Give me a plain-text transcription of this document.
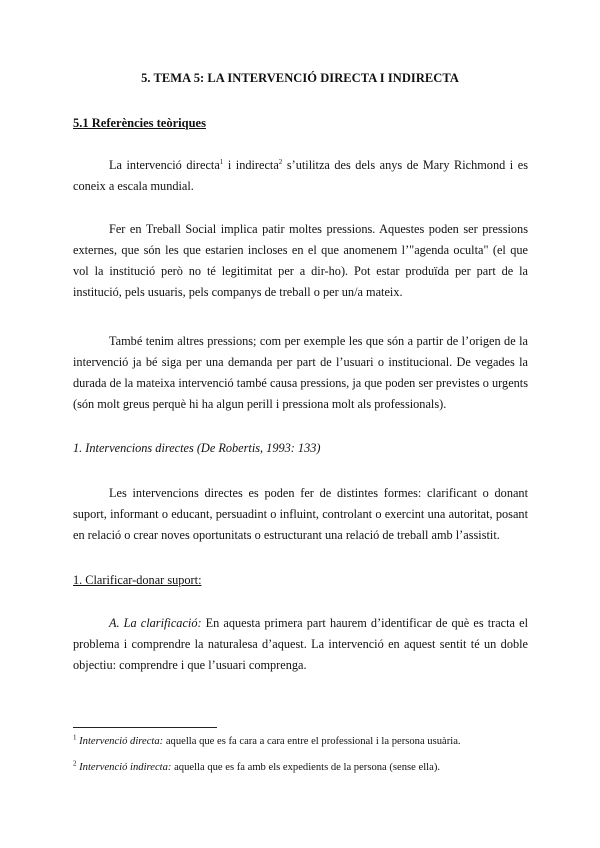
5. TEMA 5: LA INTERVENCIÓ DIRECTA I INDIRECTA
5.1 Referències teòriques

La intervenció directa$^1$ i indirecta$^2$ s’utilitza des dels anys de Mary Richmond i es coneix a escala mundial.

Fer en Treball Social implica patir moltes pressions. Aquestes poden ser pressions externes, que són les que estarien incloses en el que anomenem l’"agenda oculta" (el que vol la institució però no té legitimitat per a dir-ho). Pot estar produïda per part de la institució, pels usuaris, pels companys de treball o per un/a mateix.

També tenim altres pressions; com per exemple les que són a partir de l’origen de la intervenció ja bé siga per una demanda per part de l’usuari o institucional. De vegades la durada de la mateixa intervenció també causa pressions, ja que poden ser previstes o urgents (són molt greus perquè hi ha algun perill i pressiona molt als professionals).

1. Intervencions directes (De Robertis, 1993: 133)

Les intervencions directes es poden fer de distintes formes: clarificant o donant suport, informant o educant, persuadint o influint, controlant o exercint una autoritat, posant en relació o crear noves oportunitats o estructurant una relació de treball amb l’assistit.

1. Clarificar-donar suport:

A. La clarificació: En aquesta primera part haurem d’identificar de què es tracta el problema i comprendre la naturalesa d’aquest. La intervenció en aquest sentit té un doble objectiu: comprendre i que l’usuari comprenga.

$^1$ Intervenció directa: aquella que es fa cara a cara entre el professional i la persona usuària.
$^2$ Intervenció indirecta: aquella que es fa amb els expedients de la persona (sense ella).
